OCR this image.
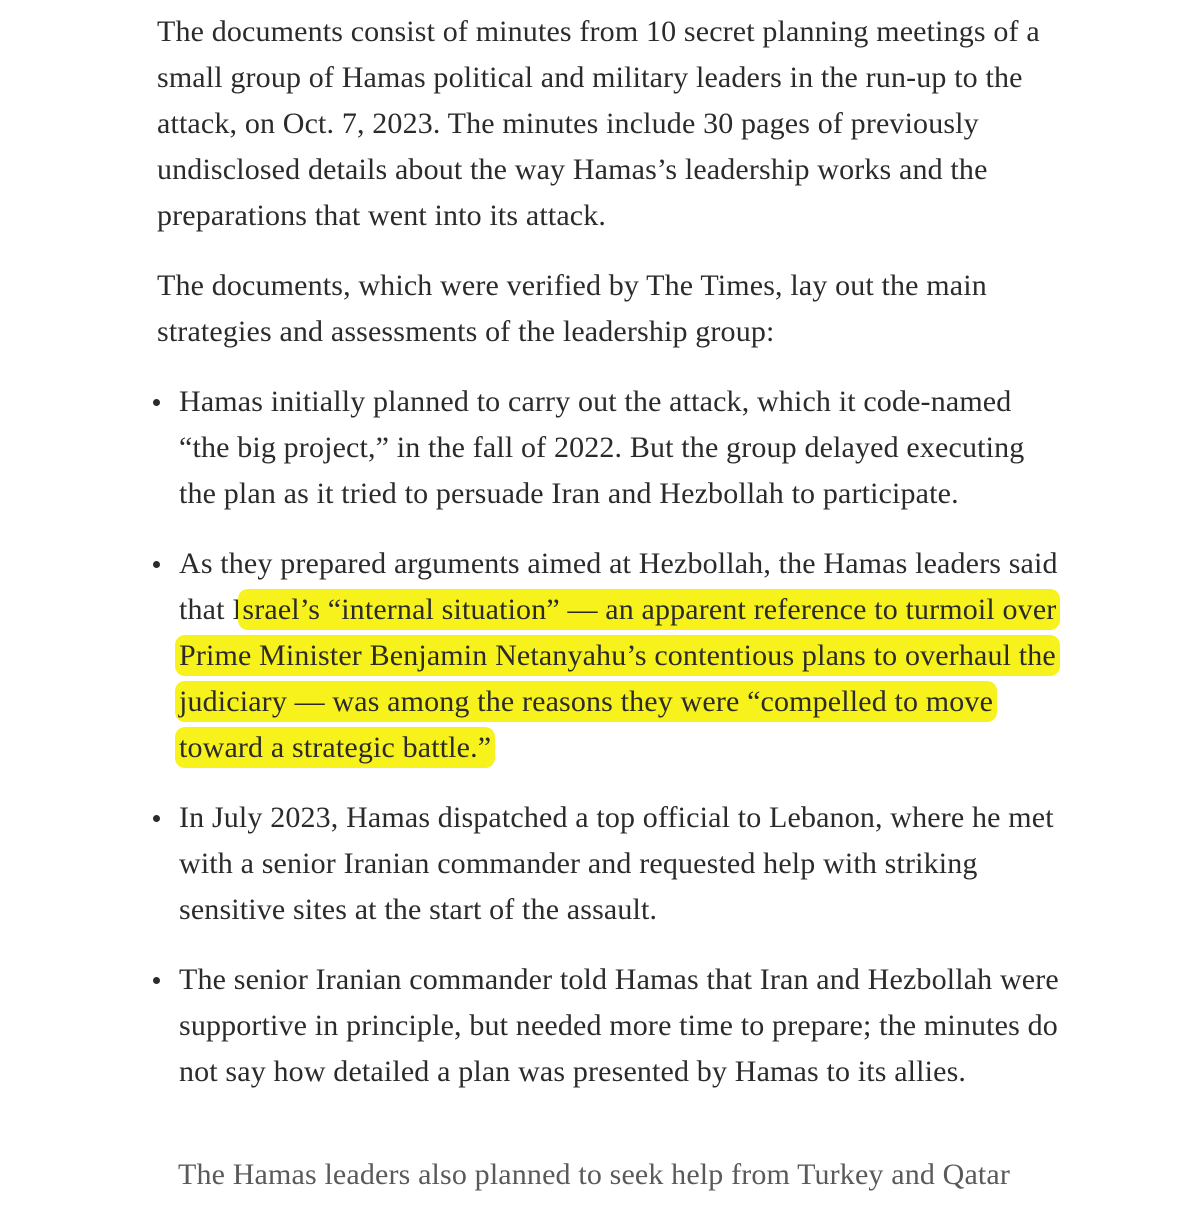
The documents consist of minutes from 10 secret planning meetings of a small group of Hamas political and military leaders in the run-up to the attack, on Oct. 7, 2023. The minutes include 30 pages of previously undisclosed details about the way Hamas’s leadership works and the preparations that went into its attack.

The documents, which were verified by The Times, lay out the main strategies and assessments of the leadership group:

Hamas initially planned to carry out the attack, which it code-named “the big project,” in the fall of 2022. But the group delayed executing the plan as it tried to persuade Iran and Hezbollah to participate.
As they prepared arguments aimed at Hezbollah, the Hamas leaders said that Israel’s “internal situation” — an apparent reference to turmoil over Prime Minister Benjamin Netanyahu’s contentious plans to overhaul the judiciary — was among the reasons they were “compelled to move toward a strategic battle.”
In July 2023, Hamas dispatched a top official to Lebanon, where he met with a senior Iranian commander and requested help with striking sensitive sites at the start of the assault.
The senior Iranian commander told Hamas that Iran and Hezbollah were supportive in principle, but needed more time to prepare; the minutes do not say how detailed a plan was presented by Hamas to its allies.
The Hamas leaders also planned to seek help from Turkey and Qatar
